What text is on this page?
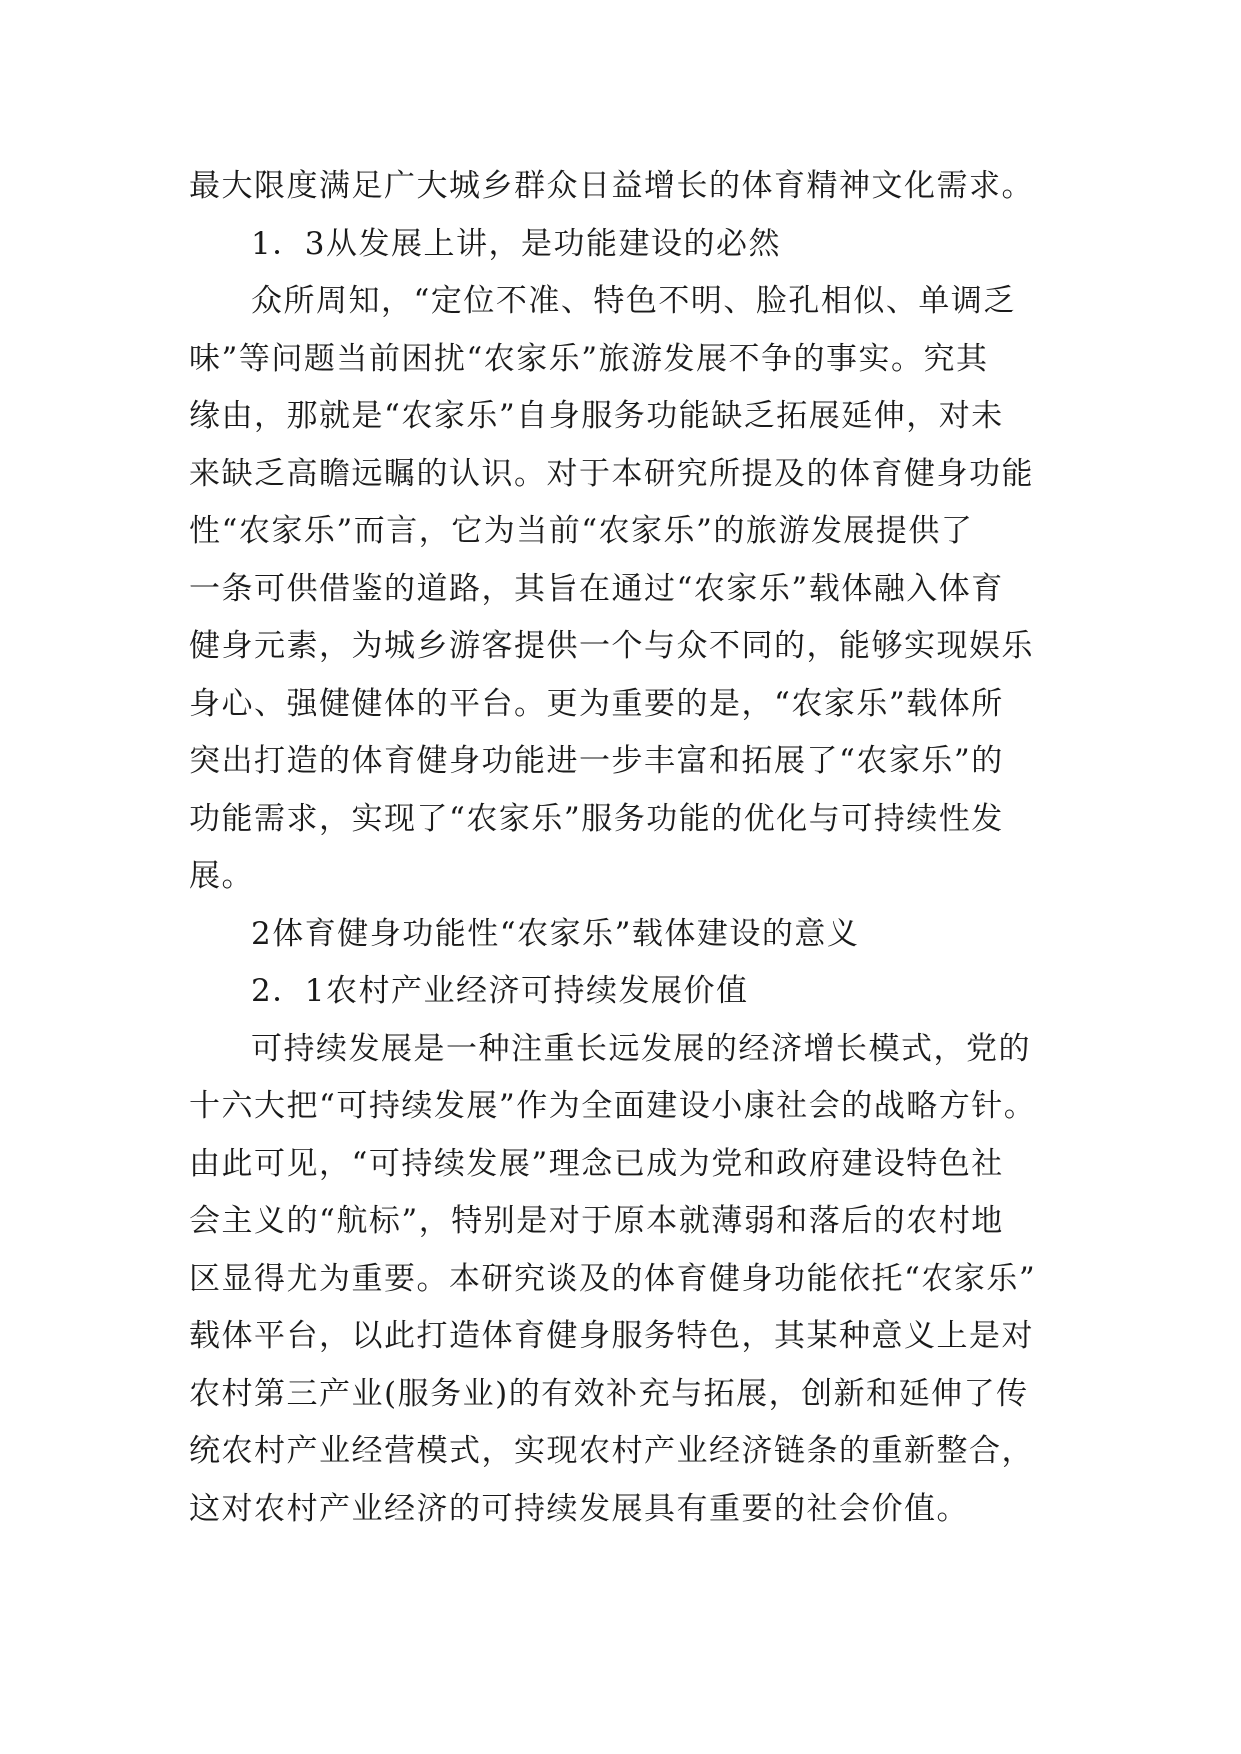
最大限度满足广大城乡群众日益增长的体育精神文化需求。
1．3从发展上讲，是功能建设的必然
众所周知，“定位不准、特色不明、脸孔相似、单调乏
味”等问题当前困扰“农家乐”旅游发展不争的事实。究其
缘由，那就是“农家乐”自身服务功能缺乏拓展延伸，对未
来缺乏高瞻远瞩的认识。对于本研究所提及的体育健身功能
性“农家乐”而言，它为当前“农家乐”的旅游发展提供了
一条可供借鉴的道路，其旨在通过“农家乐”载体融入体育
健身元素，为城乡游客提供一个与众不同的，能够实现娱乐
身心、强健健体的平台。更为重要的是，“农家乐”载体所
突出打造的体育健身功能进一步丰富和拓展了“农家乐”的
功能需求，实现了“农家乐”服务功能的优化与可持续性发
展。
2体育健身功能性“农家乐”载体建设的意义
2．1农村产业经济可持续发展价值
可持续发展是一种注重长远发展的经济增长模式，党的
十六大把“可持续发展”作为全面建设小康社会的战略方针。
由此可见，“可持续发展”理念已成为党和政府建设特色社
会主义的“航标”，特别是对于原本就薄弱和落后的农村地
区显得尤为重要。本研究谈及的体育健身功能依托“农家乐”
载体平台，以此打造体育健身服务特色，其某种意义上是对
农村第三产业(服务业)的有效补充与拓展，创新和延伸了传
统农村产业经营模式，实现农村产业经济链条的重新整合，
这对农村产业经济的可持续发展具有重要的社会价值。
